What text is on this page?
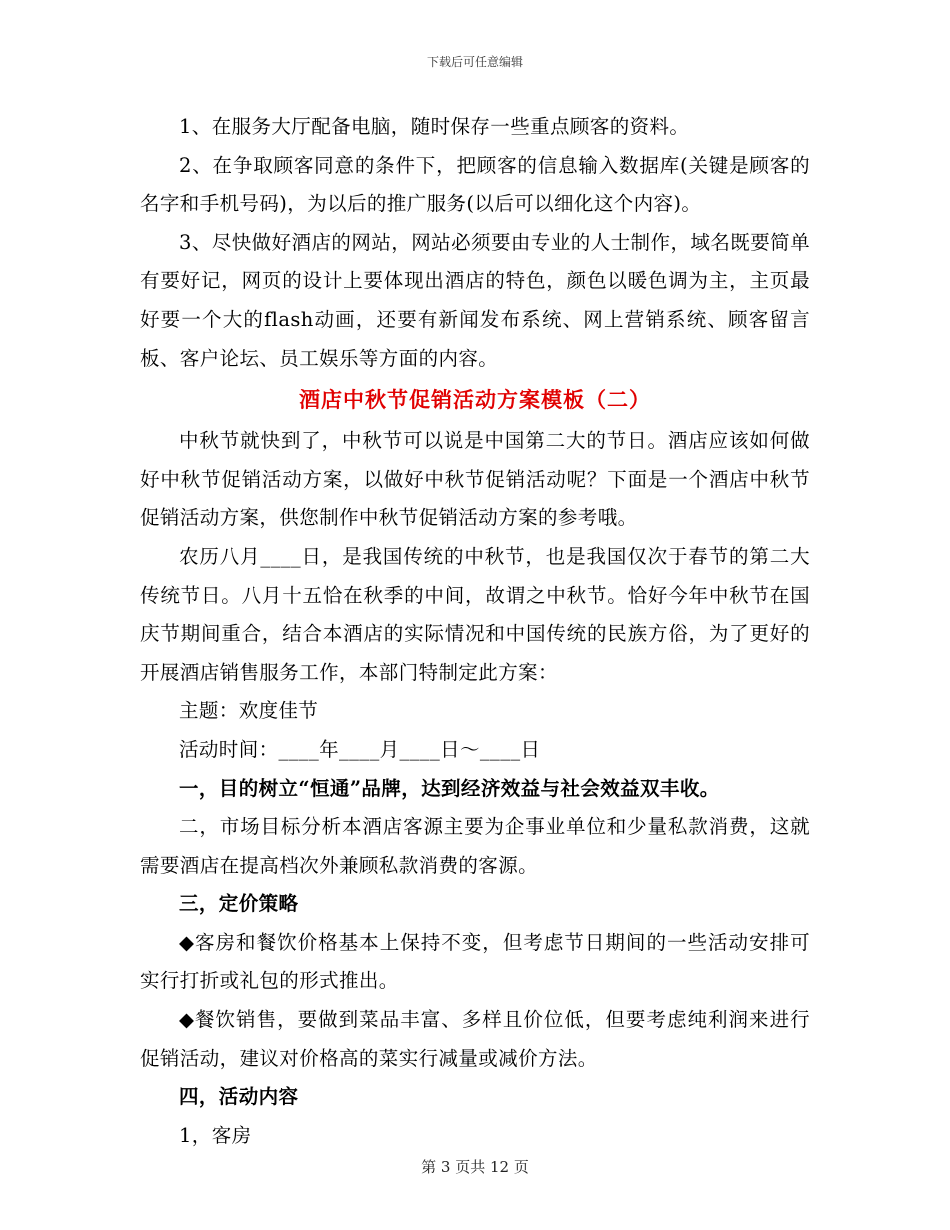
下载后可任意编辑

1、在服务大厅配备电脑，随时保存一些重点顾客的资料。

2、在争取顾客同意的条件下，把顾客的信息输入数据库(关键是顾客的名字和手机号码)，为以后的推广服务(以后可以细化这个内容)。

3、尽快做好酒店的网站，网站必须要由专业的人士制作，域名既要简单有要好记，网页的设计上要体现出酒店的特色，颜色以暖色调为主，主页最好要一个大的flash动画，还要有新闻发布系统、网上营销系统、顾客留言板、客户论坛、员工娱乐等方面的内容。

酒店中秋节促销活动方案模板（二）

中秋节就快到了，中秋节可以说是中国第二大的节日。酒店应该如何做好中秋节促销活动方案，以做好中秋节促销活动呢？下面是一个酒店中秋节促销活动方案，供您制作中秋节促销活动方案的参考哦。

农历八月____日，是我国传统的中秋节，也是我国仅次于春节的第二大传统节日。八月十五恰在秋季的中间，故谓之中秋节。恰好今年中秋节在国庆节期间重合，结合本酒店的实际情况和中国传统的民族方俗，为了更好的开展酒店销售服务工作，本部门特制定此方案：

主题：欢度佳节

活动时间：____年____月____日～____日

一，目的树立“恒通”品牌，达到经济效益与社会效益双丰收。

二，市场目标分析本酒店客源主要为企事业单位和少量私款消费，这就需要酒店在提高档次外兼顾私款消费的客源。

三，定价策略

◆客房和餐饮价格基本上保持不变，但考虑节日期间的一些活动安排可实行打折或礼包的形式推出。

◆餐饮销售，要做到菜品丰富、多样且价位低，但要考虑纯利润来进行促销活动，建议对价格高的菜实行减量或减价方法。

四，活动内容

1，客房

第 3 页共 12 页
